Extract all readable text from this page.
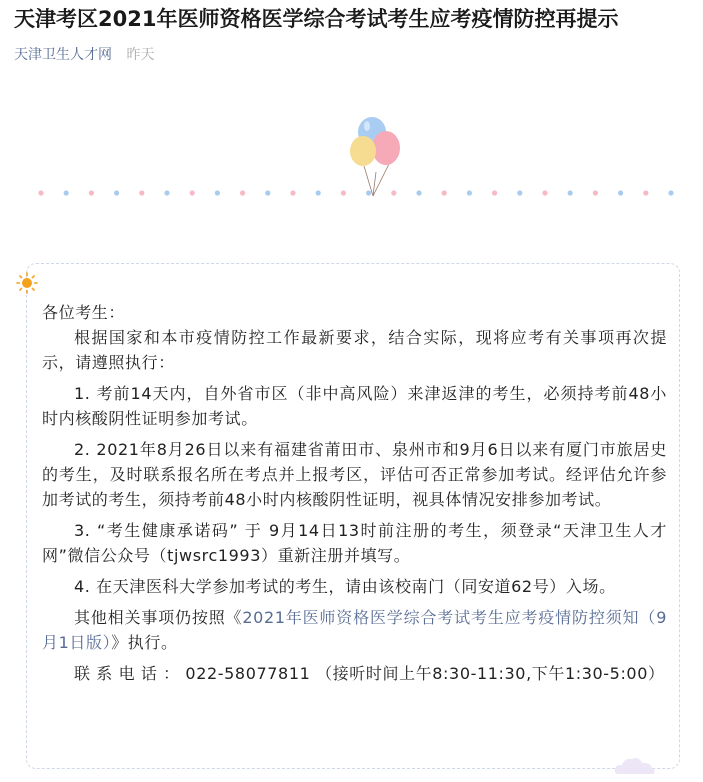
天津考区2021年医师资格医学综合考试考生应考疫情防控再提示
天津卫生人才网 昨天

各位考生：

根据国家和本市疫情防控工作最新要求，结合实际，现将应考有关事项再次提示，请遵照执行：

1. 考前14天内，自外省市区（非中高风险）来津返津的考生，必须持考前48小时内核酸阴性证明参加考试。

2. 2021年8月26日以来有福建省莆田市、泉州市和9月6日以来有厦门市旅居史的考生，及时联系报名所在考点并上报考区，评估可否正常参加考试。经评估允许参加考试的考生，须持考前48小时内核酸阴性证明，视具体情况安排参加考试。

3. “考生健康承诺码” 于 9月14日13时前注册的考生，须登录“天津卫生人才网”微信公众号（tjwsrc1993）重新注册并填写。

4. 在天津医科大学参加考试的考生，请由该校南门（同安道62号）入场。

其他相关事项仍按照《2021年医师资格医学综合考试考生应考疫情防控须知（9月1日版）》执行。

联 系 电 话 ： 022-58077811 （接听时间上午8:30-11:30,下午1:30-5:00）
